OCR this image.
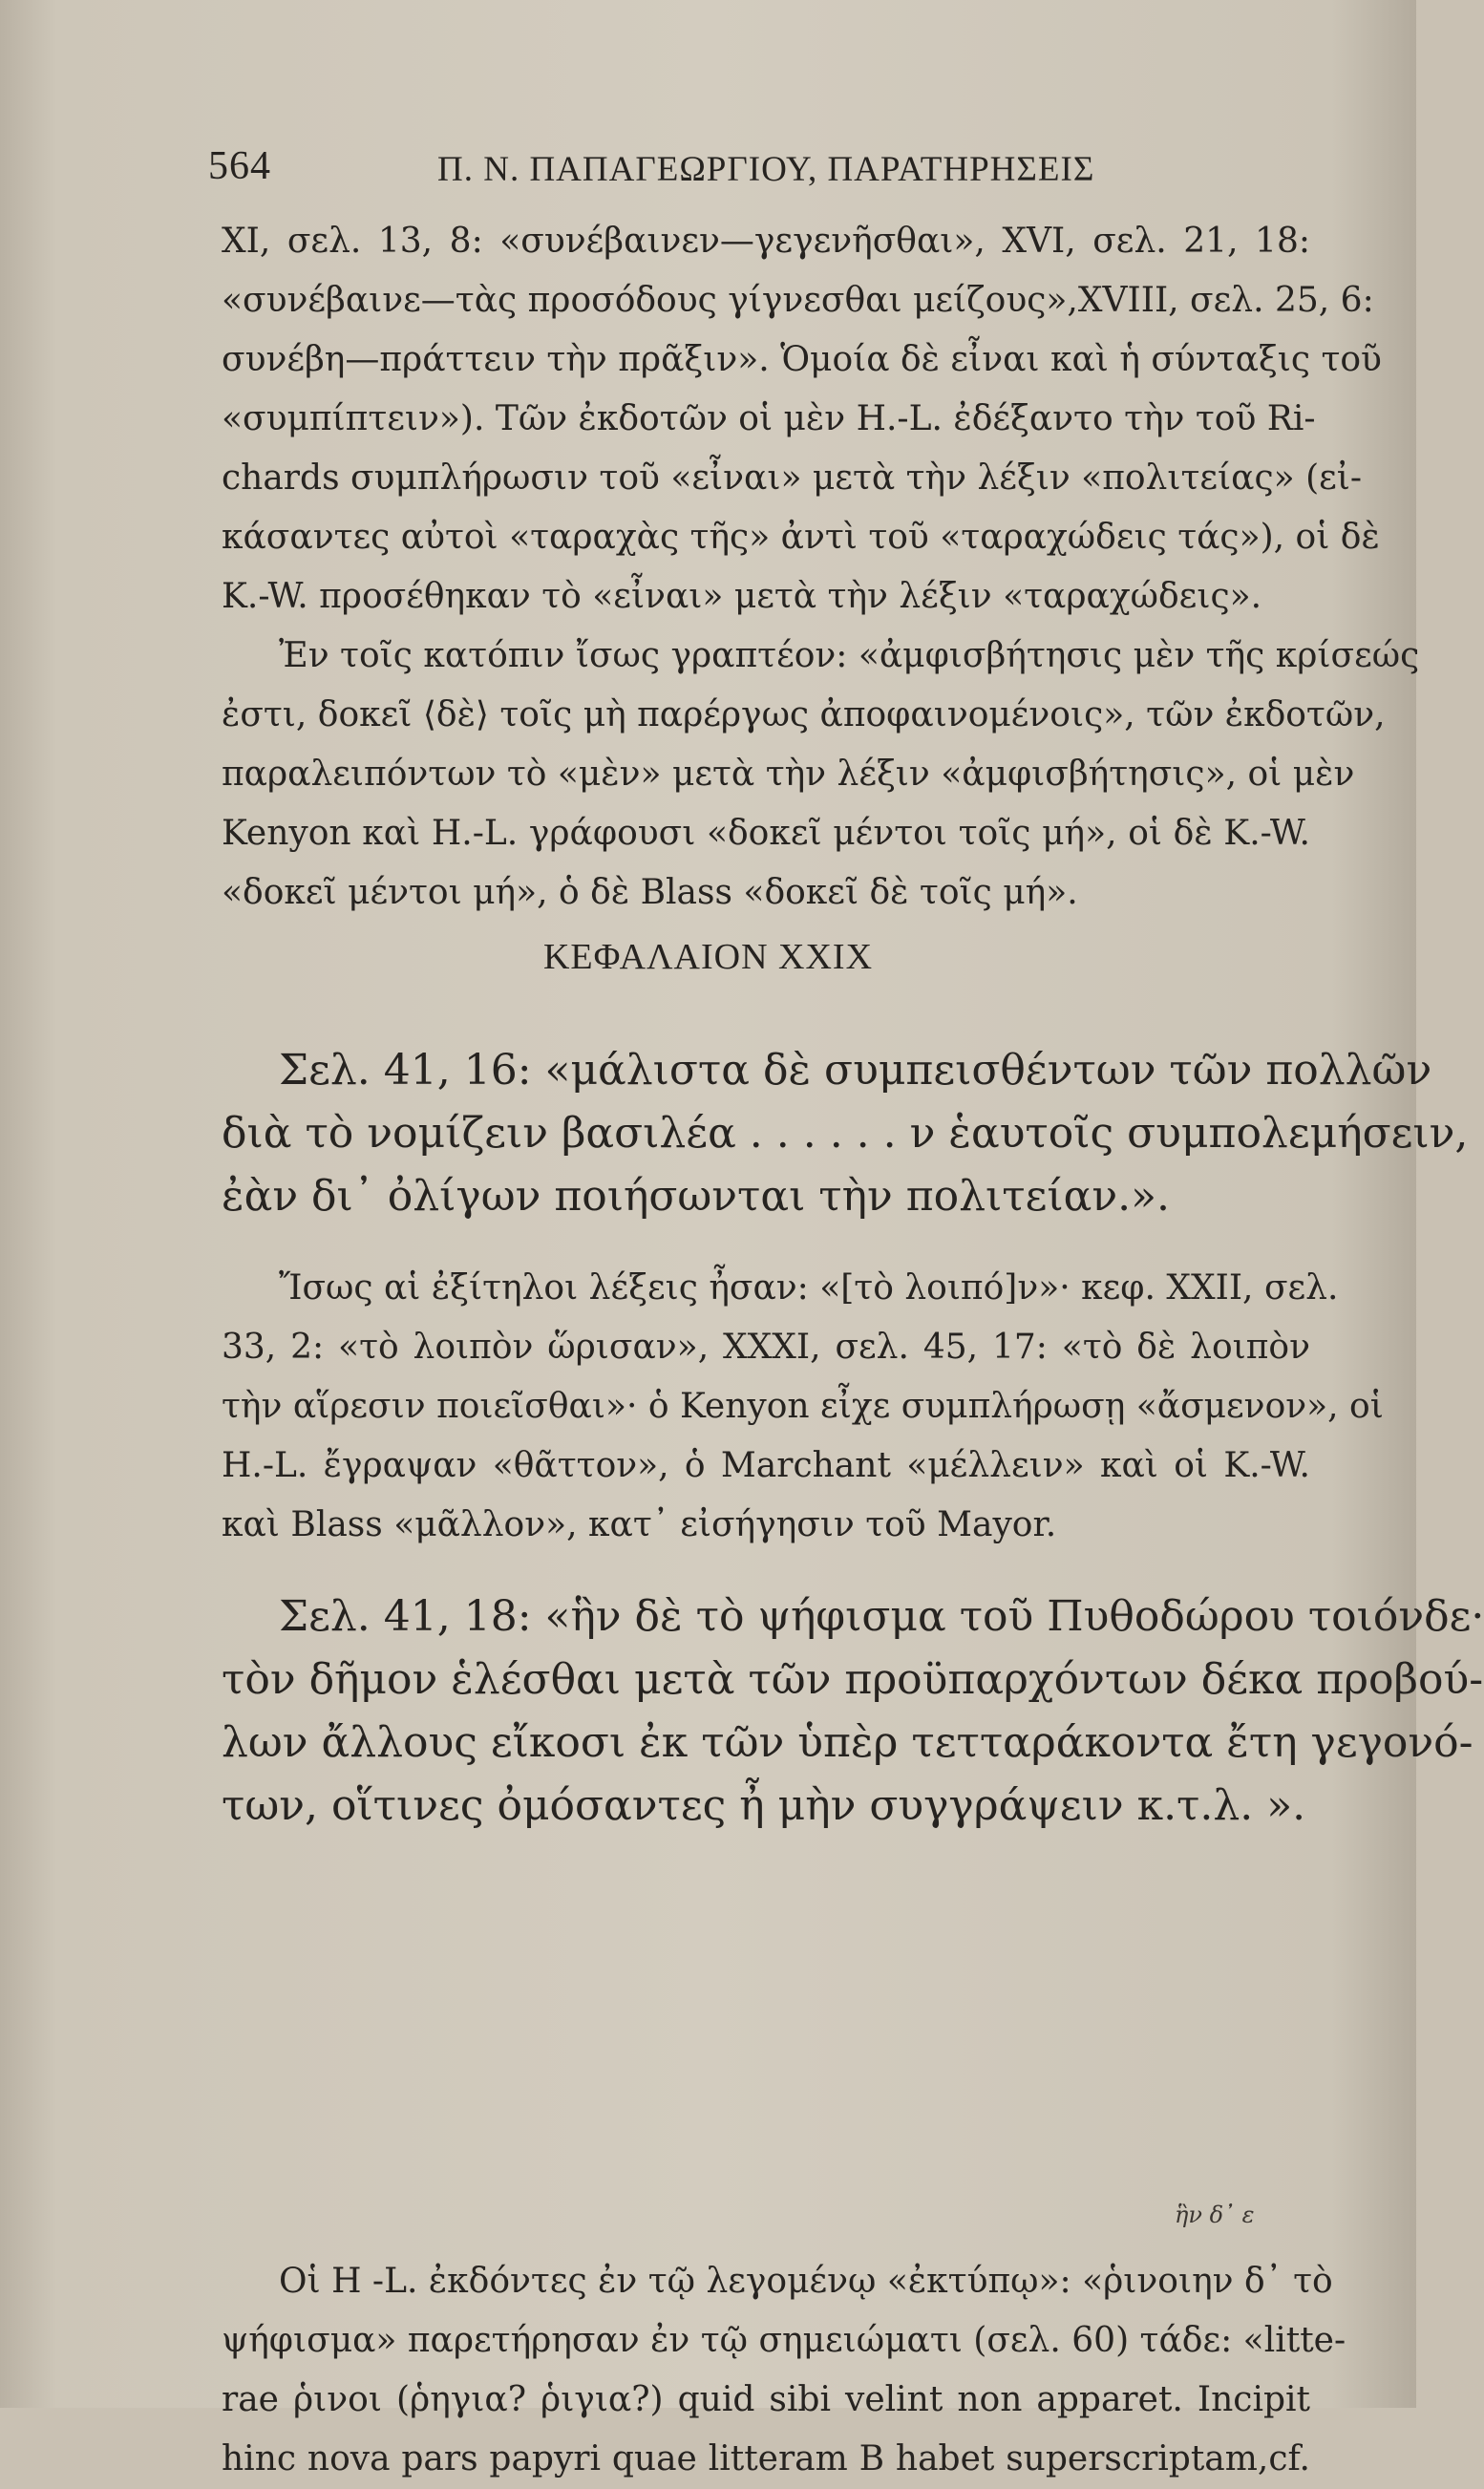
564	Π. Ν. ΠΑΠΑΓΕΩΡΓΙΟΥ, ΠΑΡΑΤΗΡΗΣΕΙΣ
XI, σελ. 13, 8: «συνέβαινεν—γεγενῆσθαι», XVI, σελ. 21, 18:
«συνέβαινε—τὰς προσόδους γίγνεσθαι μείζους»,XVIII, σελ. 25, 6:
συνέβη—πράττειν τὴν πρᾶξιν». Ὁμοία δὲ εἶναι καὶ ἡ σύνταξις τοῦ
«συμπίπτειν»). Τῶν ἐκδοτῶν οἱ μὲν H.-L. ἐδέξαντο τὴν τοῦ Ri-
chards συμπλήρωσιν τοῦ «εἶναι» μετὰ τὴν λέξιν «πολιτείας» (εἰ-
κάσαντες αὐτοὶ «ταραχὰς τῆς» ἀντὶ τοῦ «ταραχώδεις τάς»), οἱ δὲ
K.-W. προσέθηκαν τὸ «εἶναι» μετὰ τὴν λέξιν «ταραχώδεις».
Ἐν τοῖς κατόπιν ἴσως γραπτέον: «ἀμφισβήτησις μὲν τῆς κρίσεώς
ἐστι, δοκεῖ ⟨δὲ⟩ τοῖς μὴ παρέργως ἀποφαινομένοις», τῶν ἐκδοτῶν,
παραλειπόντων τὸ «μὲν» μετὰ τὴν λέξιν «ἀμφισβήτησις», οἱ μὲν
Kenyon καὶ H.-L. γράφουσι «δοκεῖ μέντοι τοῖς μή», οἱ δὲ K.-W.
«δοκεῖ μέντοι μή», ὁ δὲ Blass «δοκεῖ δὲ τοῖς μή».
ΚΕΦΑΛΑΙΟΝ XXIX
Σελ. 41, 16: «μάλιστα δὲ συμπεισθέντων τῶν πολλῶν
διὰ τὸ νομίζειν βασιλέα . . . . . . ν ἑαυτοῖς συμπολεμήσειν,
ἐὰν δι᾽ ὀλίγων ποιήσωνται τὴν πολιτείαν.».
Ἴσως αἱ ἐξίτηλοι λέξεις ἦσαν: «[τὸ λοιπό]ν»· κεφ. XXII, σελ.
33, 2: «τὸ λοιπὸν ὥρισαν», XXXI, σελ. 45, 17: «τὸ δὲ λοιπὸν
τὴν αἵρεσιν ποιεῖσθαι»· ὁ Kenyon εἶχε συμπλήρωσῃ «ἄσμενον», οἱ
H.-L. ἔγραψαν «θᾶττον», ὁ Marchant «μέλλειν» καὶ οἱ K.-W.
καὶ Blass «μᾶλλον», κατ᾽ εἰσήγησιν τοῦ Mayor.
Σελ. 41, 18: «ἣν δὲ τὸ ψήφισμα τοῦ Πυθοδώρου τοιόνδε·
τὸν δῆμον ἑλέσθαι μετὰ τῶν προϋπαρχόντων δέκα προβού-
λων ἄλλους εἴκοσι ἐκ τῶν ὑπὲρ τετταράκοντα ἔτη γεγονό-
των, οἵτινες ὀμόσαντες ἦ μὴν συγγράψειν κ.τ.λ. ».
ἣν δ᾽ ε
Οἱ H -L. ἐκδόντες ἐν τῷ λεγομένῳ «ἐκτύπῳ»: «ῥινοιην δ᾽ τὸ
ψήφισμα» παρετήρησαν ἐν τῷ σημειώματι (σελ. 60) τάδε: «litte-
rae ῥινοι (ῥηγια? ῥιγια?) quid sibi velint non apparet. Incipit
hinc nova pars papyri quae litteram B habet superscriptam,cf.
